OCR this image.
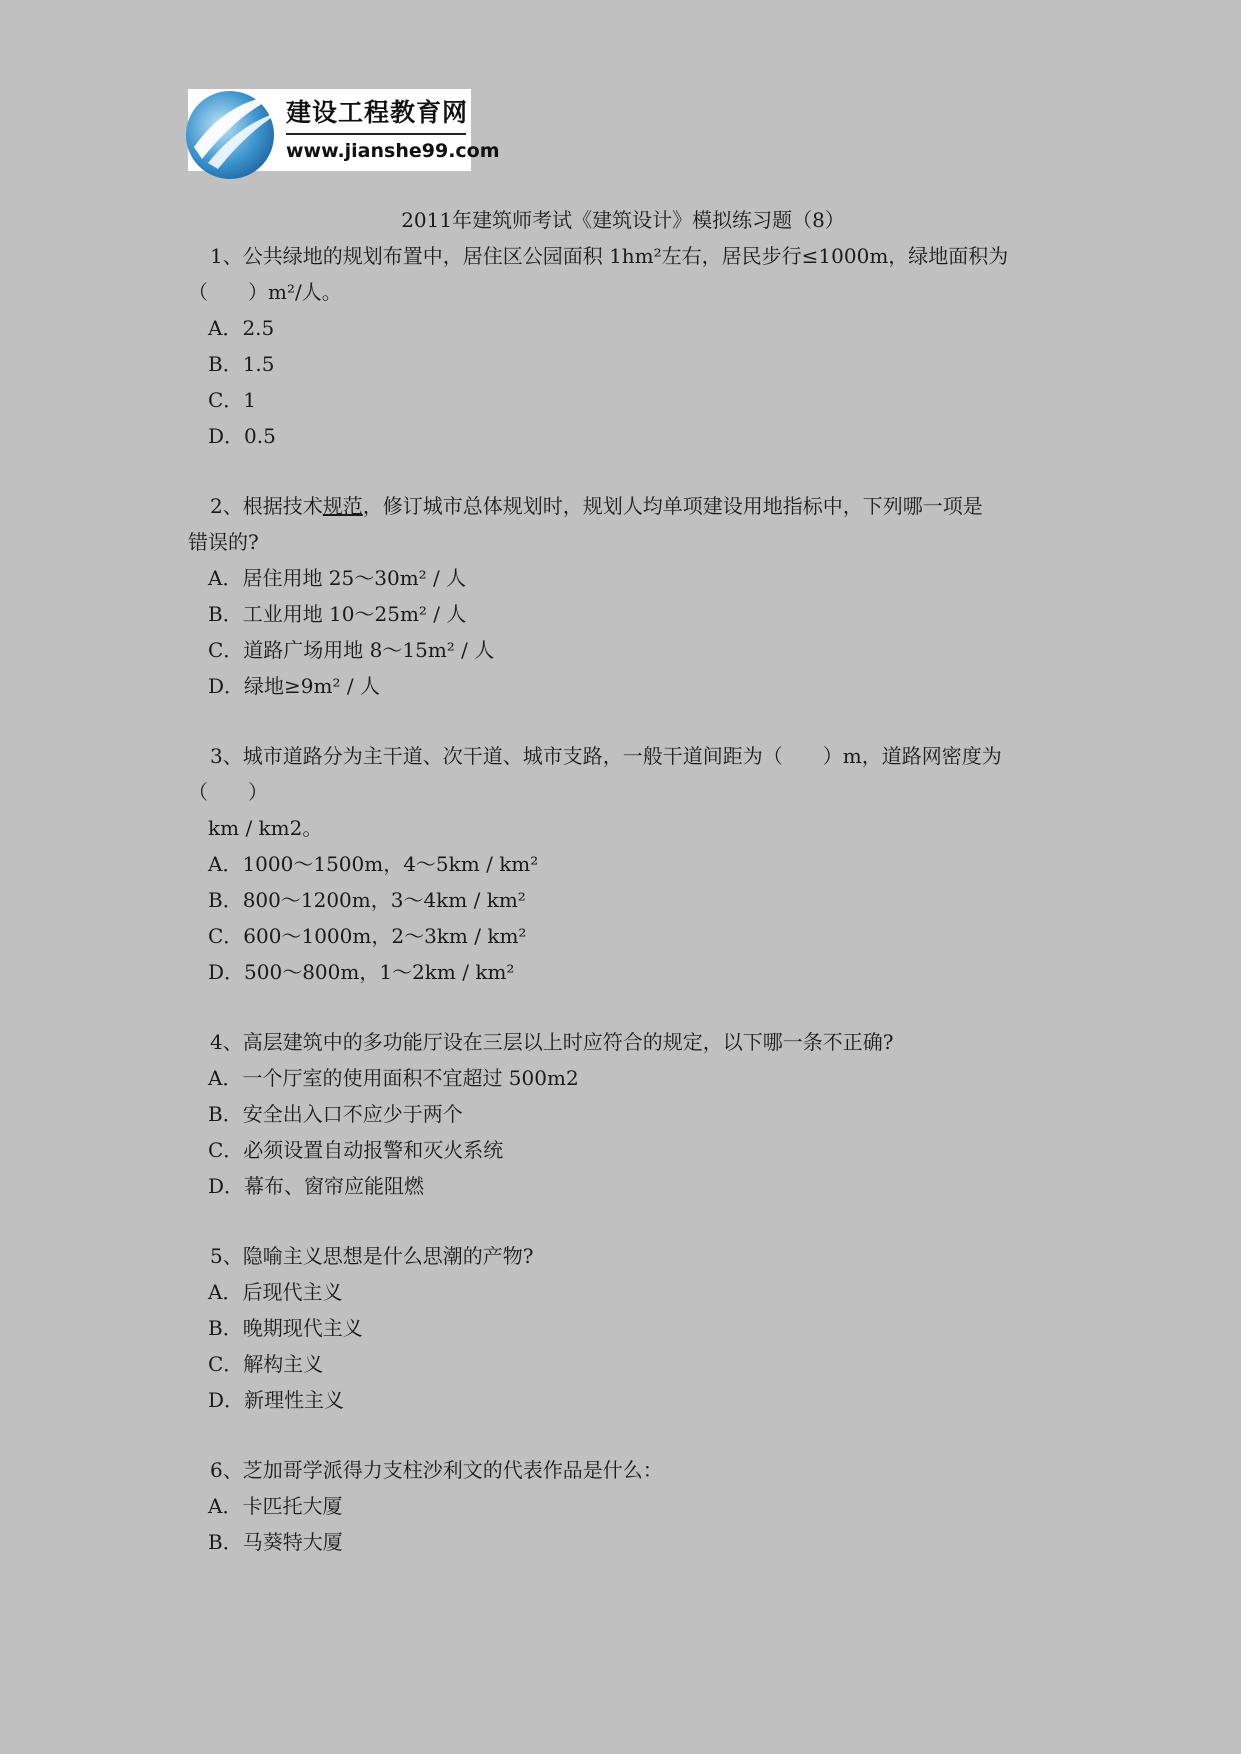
建设工程教育网
www.jianshe99.com

2011年建筑师考试《建筑设计》模拟练习题（8）

1、公共绿地的规划布置中，居住区公园面积 1hm²左右，居民步行≤1000m，绿地面积为

（　　）m²/人。

A．2.5

B．1.5

C．1

D．0.5

2、根据技术规范，修订城市总体规划时，规划人均单项建设用地指标中，下列哪一项是

错误的?

A．居住用地 25～30m² / 人

B．工业用地 10～25m² / 人

C．道路广场用地 8～15m² / 人

D．绿地≥9m² / 人

3、城市道路分为主干道、次干道、城市支路，一般干道间距为（　　）m，道路网密度为

（　　）

km / km2。

A．1000～1500m，4～5km / km²

B．800～1200m，3～4km / km²

C．600～1000m，2～3km / km²

D．500～800m，1～2km / km²

4、高层建筑中的多功能厅设在三层以上时应符合的规定，以下哪一条不正确?

A．一个厅室的使用面积不宜超过 500m2

B．安全出入口不应少于两个

C．必须设置自动报警和灭火系统

D．幕布、窗帘应能阻燃

5、隐喻主义思想是什么思潮的产物?

A．后现代主义

B．晚期现代主义

C．解构主义

D．新理性主义

6、芝加哥学派得力支柱沙利文的代表作品是什么：

A．卡匹托大厦

B．马葵特大厦
